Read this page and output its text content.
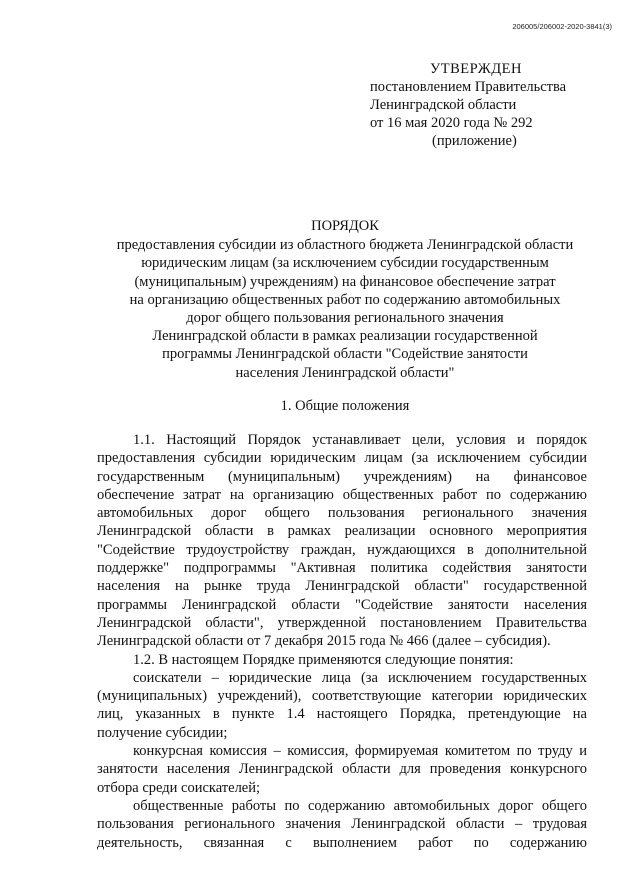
206005/206002-2020-3841(3)
УТВЕРЖДЕН
постановлением Правительства
Ленинградской области
от 16 мая 2020 года № 292
(приложение)
ПОРЯДОК
предоставления субсидии из областного бюджета Ленинградской области
юридическим лицам (за исключением субсидии государственным
(муниципальным) учреждениям) на финансовое обеспечение затрат
на организацию общественных работ по содержанию автомобильных
дорог общего пользования регионального значения
Ленинградской области в рамках реализации государственной
программы Ленинградской области "Содействие занятости
населения Ленинградской области"
1. Общие положения

1.1. Настоящий Порядок устанавливает цели, условия и порядок предоставления субсидии юридическим лицам (за исключением субсидии государственным (муниципальным) учреждениям) на финансовое обеспечение затрат на организацию общественных работ по содержанию автомобильных дорог общего пользования регионального значения Ленинградской области в рамках реализации основного мероприятия "Содействие трудоустройству граждан, нуждающихся в дополнительной поддержке" подпрограммы "Активная политика содействия занятости населения на рынке труда Ленинградской области" государственной программы Ленинградской области "Содействие занятости населения Ленинградской области", утвержденной постановлением Правительства Ленинградской области от 7 декабря 2015 года № 466 (далее – субсидия).

1.2. В настоящем Порядке применяются следующие понятия:

соискатели – юридические лица (за исключением государственных (муниципальных) учреждений), соответствующие категории юридических лиц, указанных в пункте 1.4 настоящего Порядка, претендующие на получение субсидии;

конкурсная комиссия – комиссия, формируемая комитетом по труду и занятости населения Ленинградской области для проведения конкурсного отбора среди соискателей;

общественные работы по содержанию автомобильных дорог общего пользования регионального значения Ленинградской области – трудовая деятельность, связанная с выполнением работ по содержанию
